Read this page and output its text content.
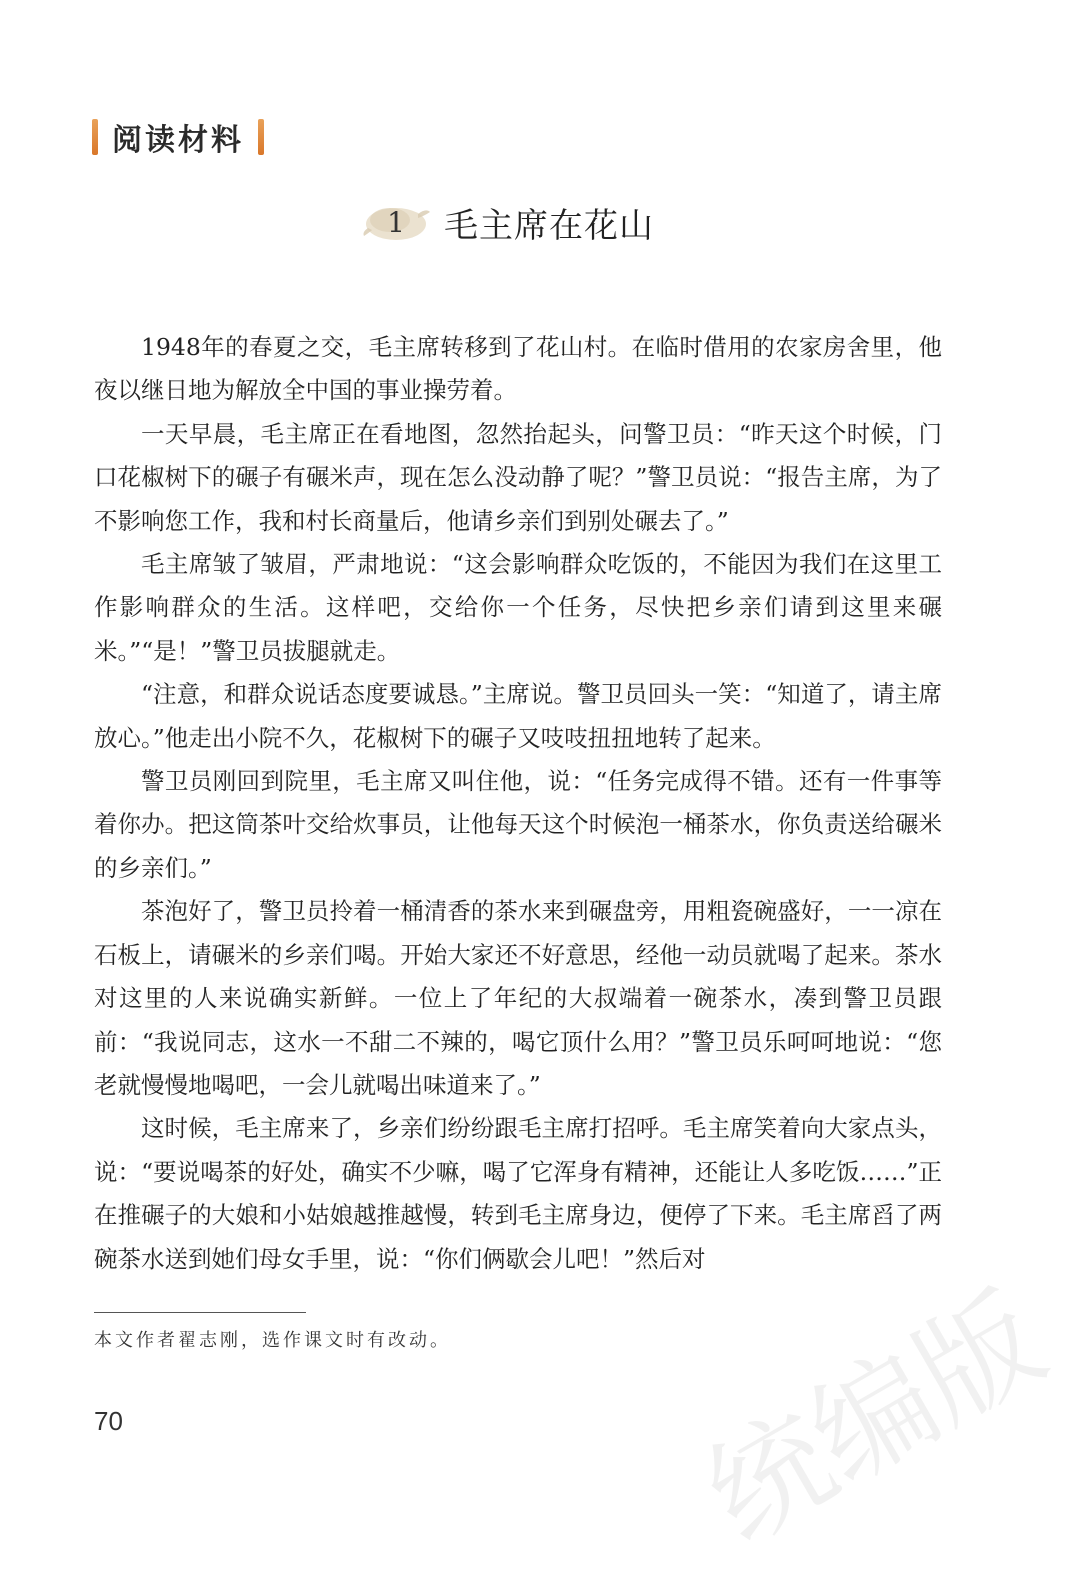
阅读材料
1 毛主席在花山

1948年的春夏之交，毛主席转移到了花山村。在临时借用的农家房舍里，他夜以继日地为解放全中国的事业操劳着。

一天早晨，毛主席正在看地图，忽然抬起头，问警卫员：“昨天这个时候，门口花椒树下的碾子有碾米声，现在怎么没动静了呢？”警卫员说：“报告主席，为了不影响您工作，我和村长商量后，他请乡亲们到别处碾去了。”

毛主席皱了皱眉，严肃地说：“这会影响群众吃饭的，不能因为我们在这里工作影响群众的生活。这样吧，交给你一个任务，尽快把乡亲们请到这里来碾米。”“是！”警卫员拔腿就走。

“注意，和群众说话态度要诚恳。”主席说。警卫员回头一笑：“知道了，请主席放心。”他走出小院不久，花椒树下的碾子又吱吱扭扭地转了起来。

警卫员刚回到院里，毛主席又叫住他，说：“任务完成得不错。还有一件事等着你办。把这筒茶叶交给炊事员，让他每天这个时候泡一桶茶水，你负责送给碾米的乡亲们。”

茶泡好了，警卫员拎着一桶清香的茶水来到碾盘旁，用粗瓷碗盛好，一一凉在石板上，请碾米的乡亲们喝。开始大家还不好意思，经他一动员就喝了起来。茶水对这里的人来说确实新鲜。一位上了年纪的大叔端着一碗茶水，凑到警卫员跟前：“我说同志，这水一不甜二不辣的，喝它顶什么用？”警卫员乐呵呵地说：“您老就慢慢地喝吧，一会儿就喝出味道来了。”

这时候，毛主席来了，乡亲们纷纷跟毛主席打招呼。毛主席笑着向大家点头，说：“要说喝茶的好处，确实不少嘛，喝了它浑身有精神，还能让人多吃饭……”正在推碾子的大娘和小姑娘越推越慢，转到毛主席身边，便停了下来。毛主席舀了两碗茶水送到她们母女手里，说：“你们俩歇会儿吧！”然后对

本文作者翟志刚，选作课文时有改动。
70	统编版
